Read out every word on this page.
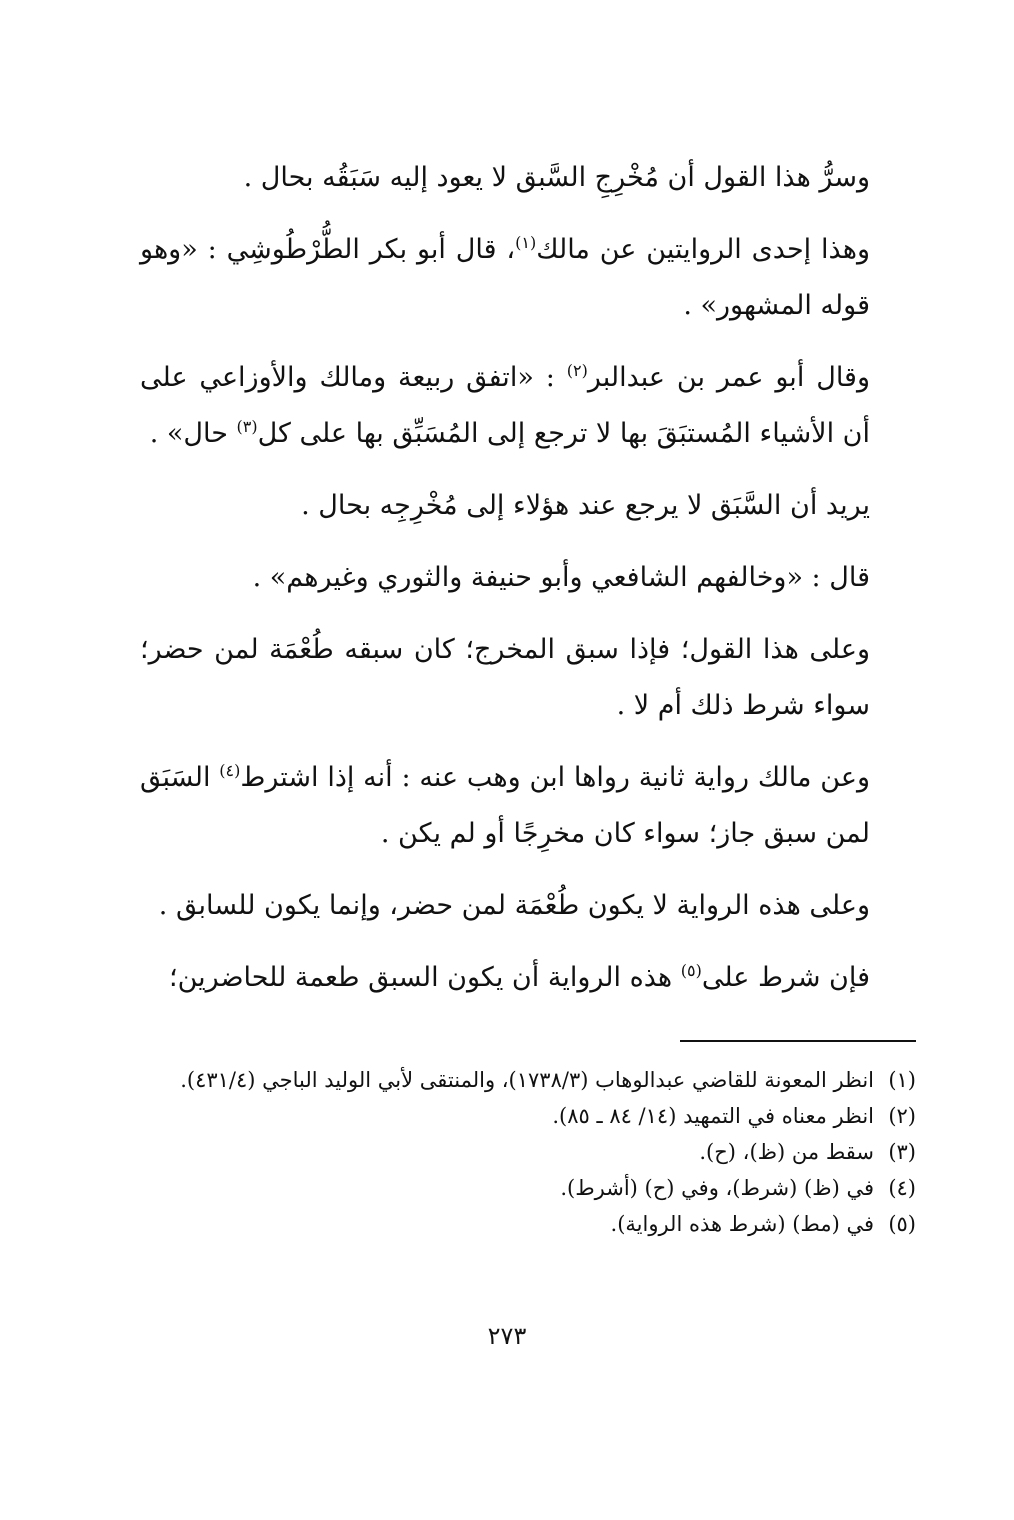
وسرُّ هذا القول أن مُخْرِجِ السَّبق لا يعود إليه سَبَقُه بحال .

وهذا إحدى الروايتين عن مالك$^{(١)}$، قال أبو بكر الطُّرْطُوشِي : «وهو قوله المشهور» .

وقال أبو عمر بن عبدالبر$^{(٢)}$ : «اتفق ربيعة ومالك والأوزاعي على أن الأشياء المُستبَقَ بها لا ترجع إلى المُسَبِّق بها على كل$^{(٣)}$ حال» .

يريد أن السَّبَق لا يرجع عند هؤلاء إلى مُخْرِجِه بحال .

قال : «وخالفهم الشافعي وأبو حنيفة والثوري وغيرهم» .

وعلى هذا القول؛ فإذا سبق المخرج؛ كان سبقه طُعْمَة لمن حضر؛ سواء شرط ذلك أم لا .

وعن مالك رواية ثانية رواها ابن وهب عنه : أنه إذا اشترط$^{(٤)}$ السَبَق لمن سبق جاز؛ سواء كان مخرِجًا أو لم يكن .

وعلى هذه الرواية لا يكون طُعْمَة لمن حضر، وإنما يكون للسابق .

فإن شرط على$^{(٥)}$ هذه الرواية أن يكون السبق طعمة للحاضرين؛

(١)
انظر المعونة للقاضي عبدالوهاب (١٧٣٨/٣)، والمنتقى لأبي الوليد الباجي (٤٣١/٤).
(٢)
انظر معناه في التمهيد (١٤/ ٨٤ ـ ٨٥).
(٣)
سقط من (ظ)، (ح).
(٤)
في (ظ) (شرط)، وفي (ح) (أشرط).
(٥)
في (مط) (شرط هذه الرواية).
٢٧٣
